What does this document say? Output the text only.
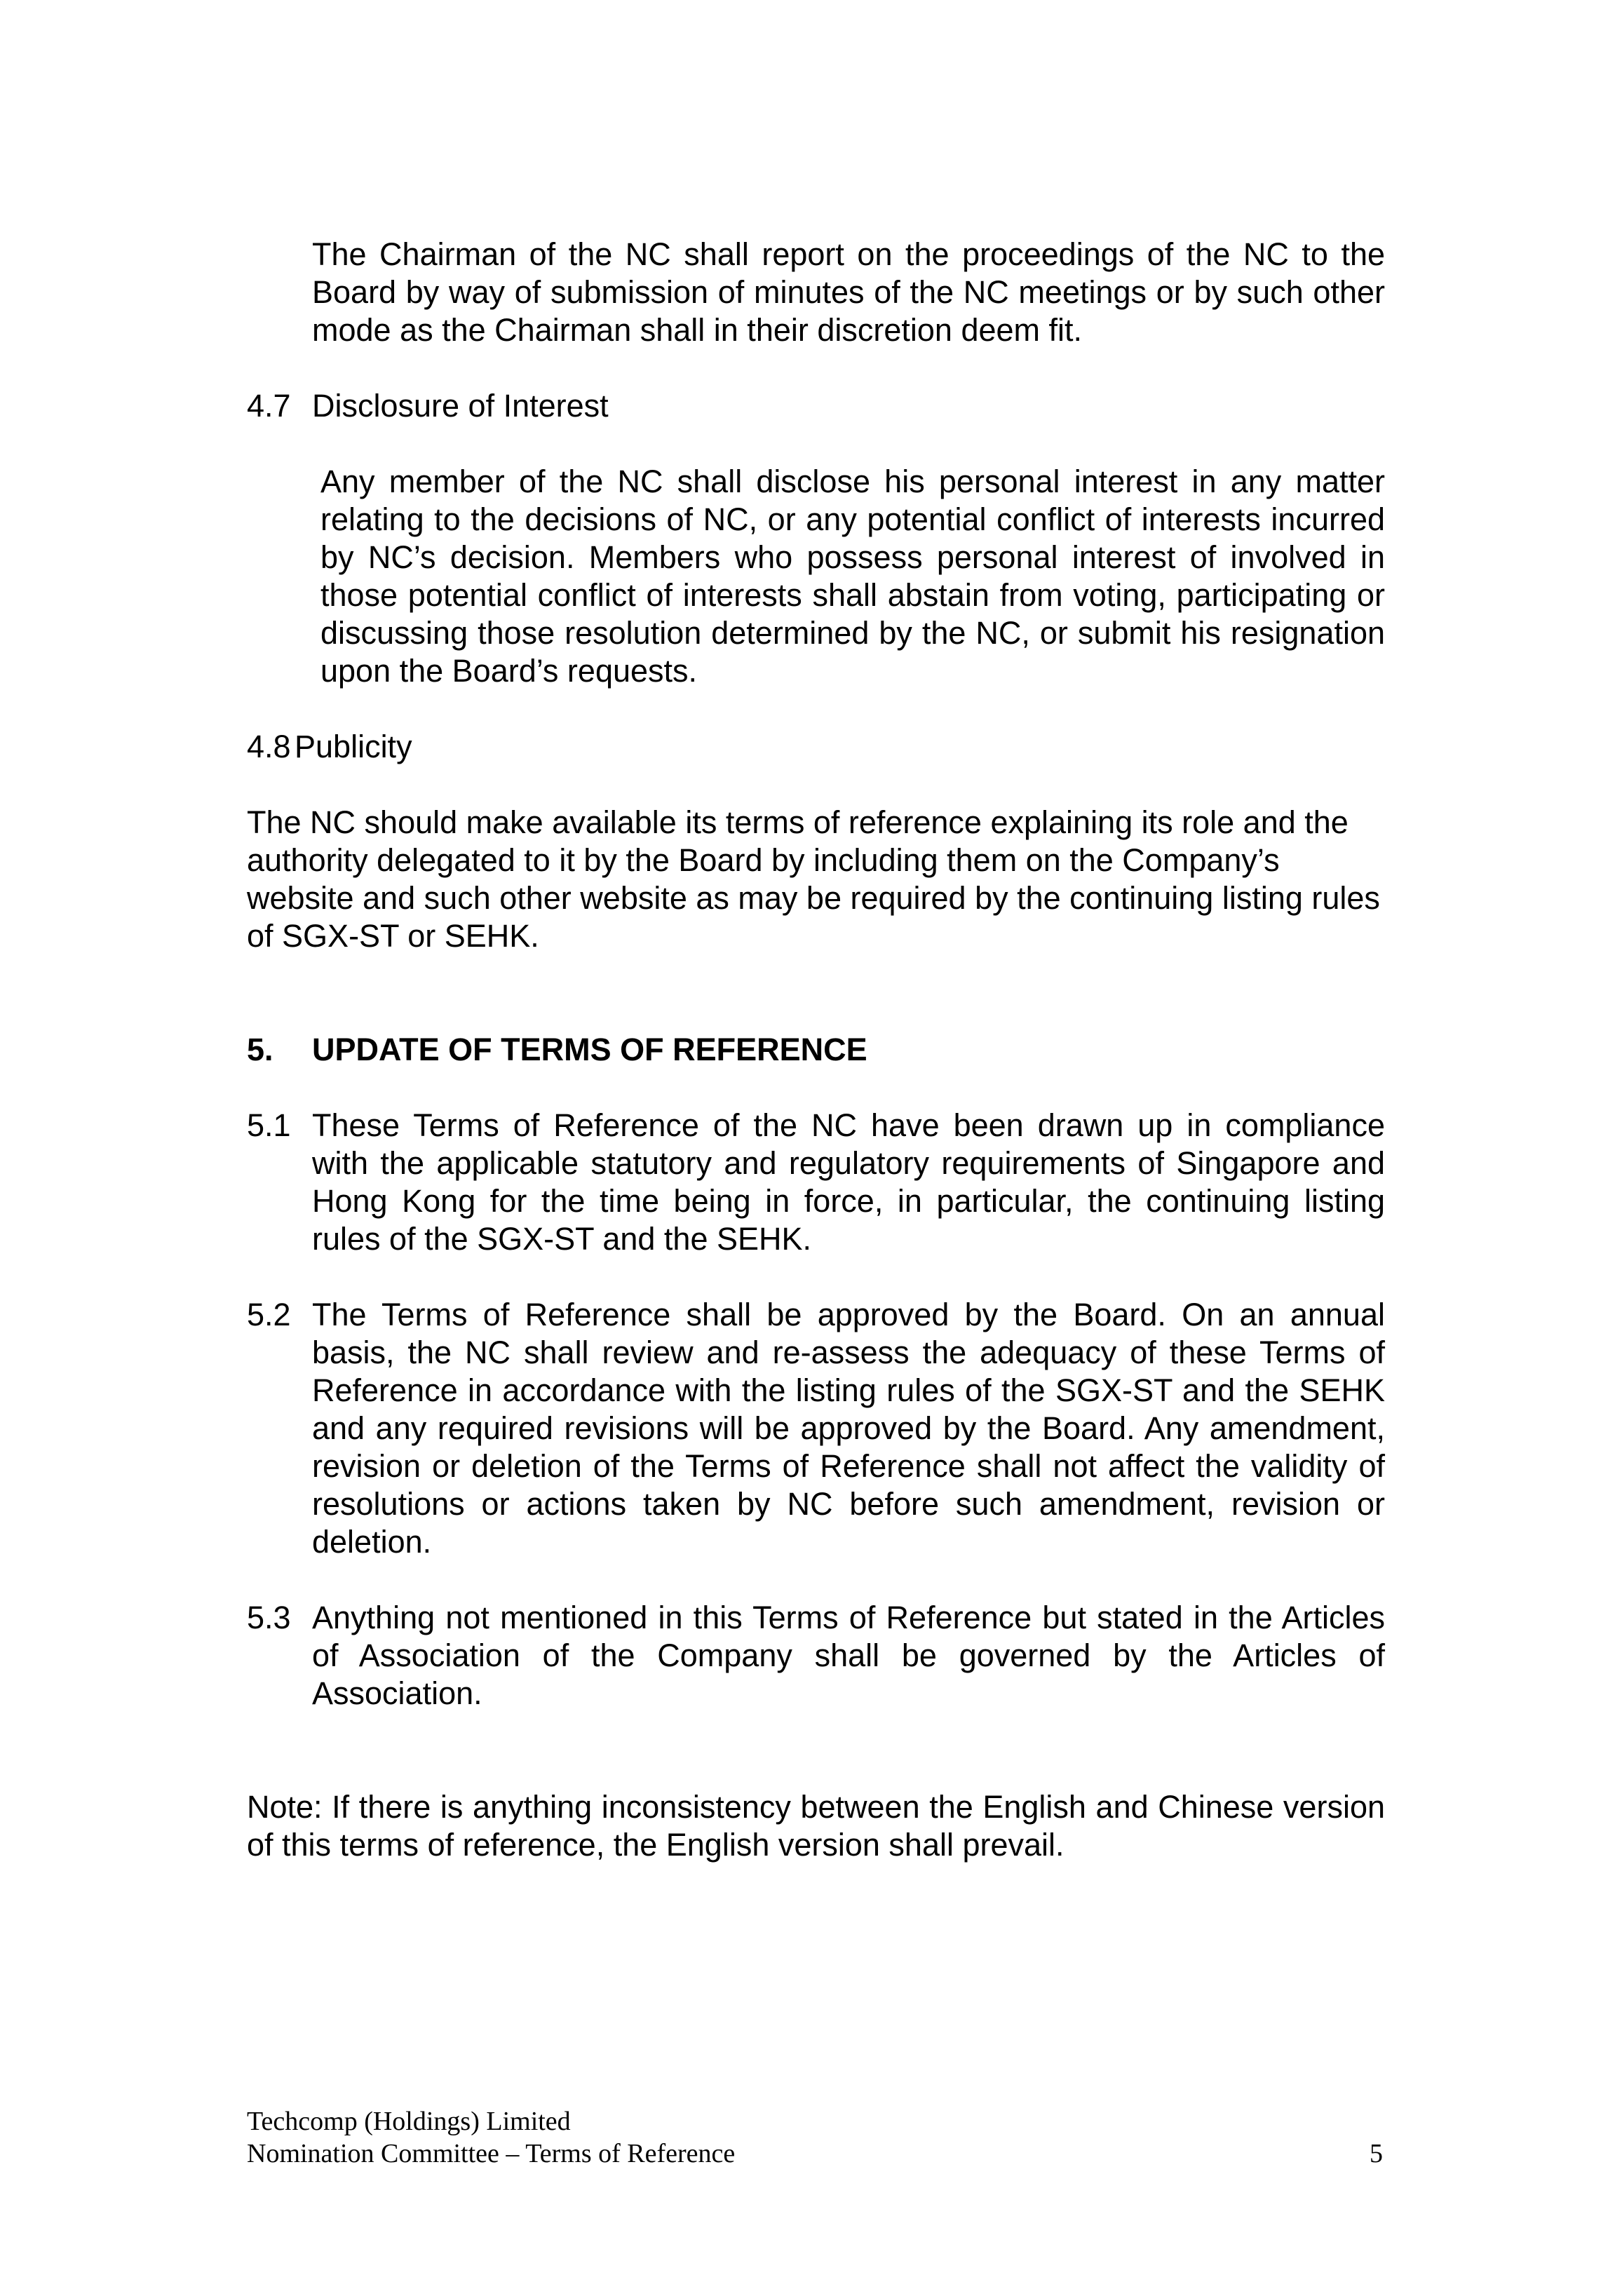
The Chairman of the NC shall report on the proceedings of the NC to the Board by way of submission of minutes of the NC meetings or by such other mode as the Chairman shall in their discretion deem fit.

4.7 Disclosure of Interest

Any member of the NC shall disclose his personal interest in any matter relating to the decisions of NC, or any potential conflict of interests incurred by NC’s decision. Members who possess personal interest of involved in those potential conflict of interests shall abstain from voting, participating or discussing those resolution determined by the NC, or submit his resignation upon the Board’s requests.

4.8 Publicity

The NC should make available its terms of reference explaining its role and the authority delegated to it by the Board by including them on the Company’s website and such other website as may be required by the continuing listing rules of SGX-ST or SEHK.

5. UPDATE OF TERMS OF REFERENCE
5.1 These Terms of Reference of the NC have been drawn up in compliance with the applicable statutory and regulatory requirements of Singapore and Hong Kong for the time being in force, in particular, the continuing listing rules of the SGX-ST and the SEHK.

5.2 The Terms of Reference shall be approved by the Board. On an annual basis, the NC shall review and re-assess the adequacy of these Terms of Reference in accordance with the listing rules of the SGX-ST and the SEHK and any required revisions will be approved by the Board. Any amendment, revision or deletion of the Terms of Reference shall not affect the validity of resolutions or actions taken by NC before such amendment, revision or deletion.

5.3 Anything not mentioned in this Terms of Reference but stated in the Articles of Association of the Company shall be governed by the Articles of Association.

Note: If there is anything inconsistency between the English and Chinese version of this terms of reference, the English version shall prevail.

Techcomp (Holdings) Limited
Nomination Committee – Terms of Reference	5
